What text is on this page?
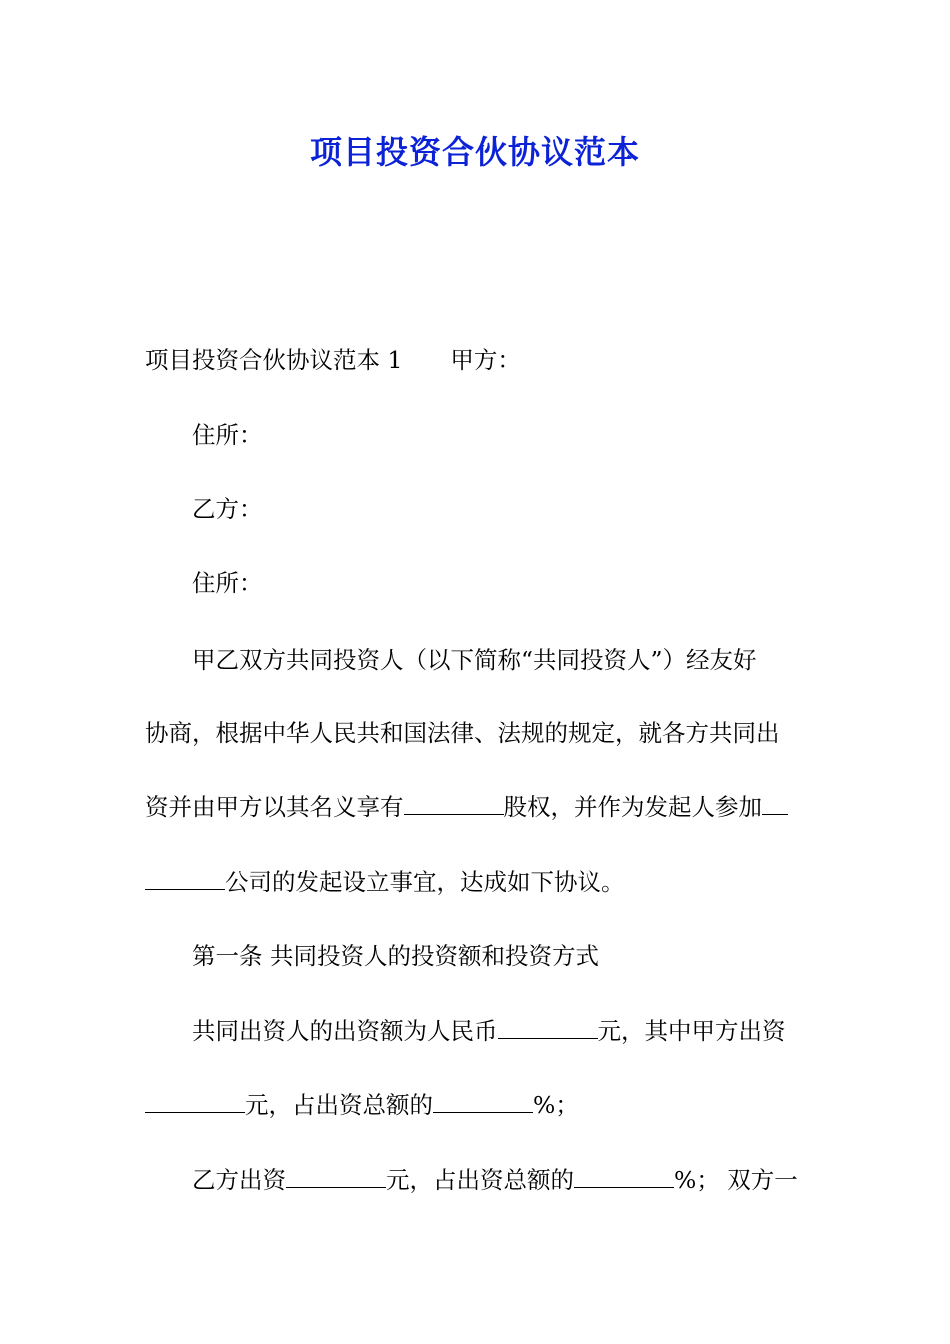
项目投资合伙协议范本
项目投资合伙协议范本 1 甲方：
住所：
乙方：
住所：
甲乙双方共同投资人（以下简称“共同投资人”）经友好
协商，根据中华人民共和国法律、法规的规定，就各方共同出
资并由甲方以其名义享有	股权，并作为发起人参加
公司的发起设立事宜，达成如下协议。
第一条 共同投资人的投资额和投资方式
共同出资人的出资额为人民币	元，其中甲方出资
元，占出资总额的	%；
乙方出资	元，占出资总额的	%； 双方一
